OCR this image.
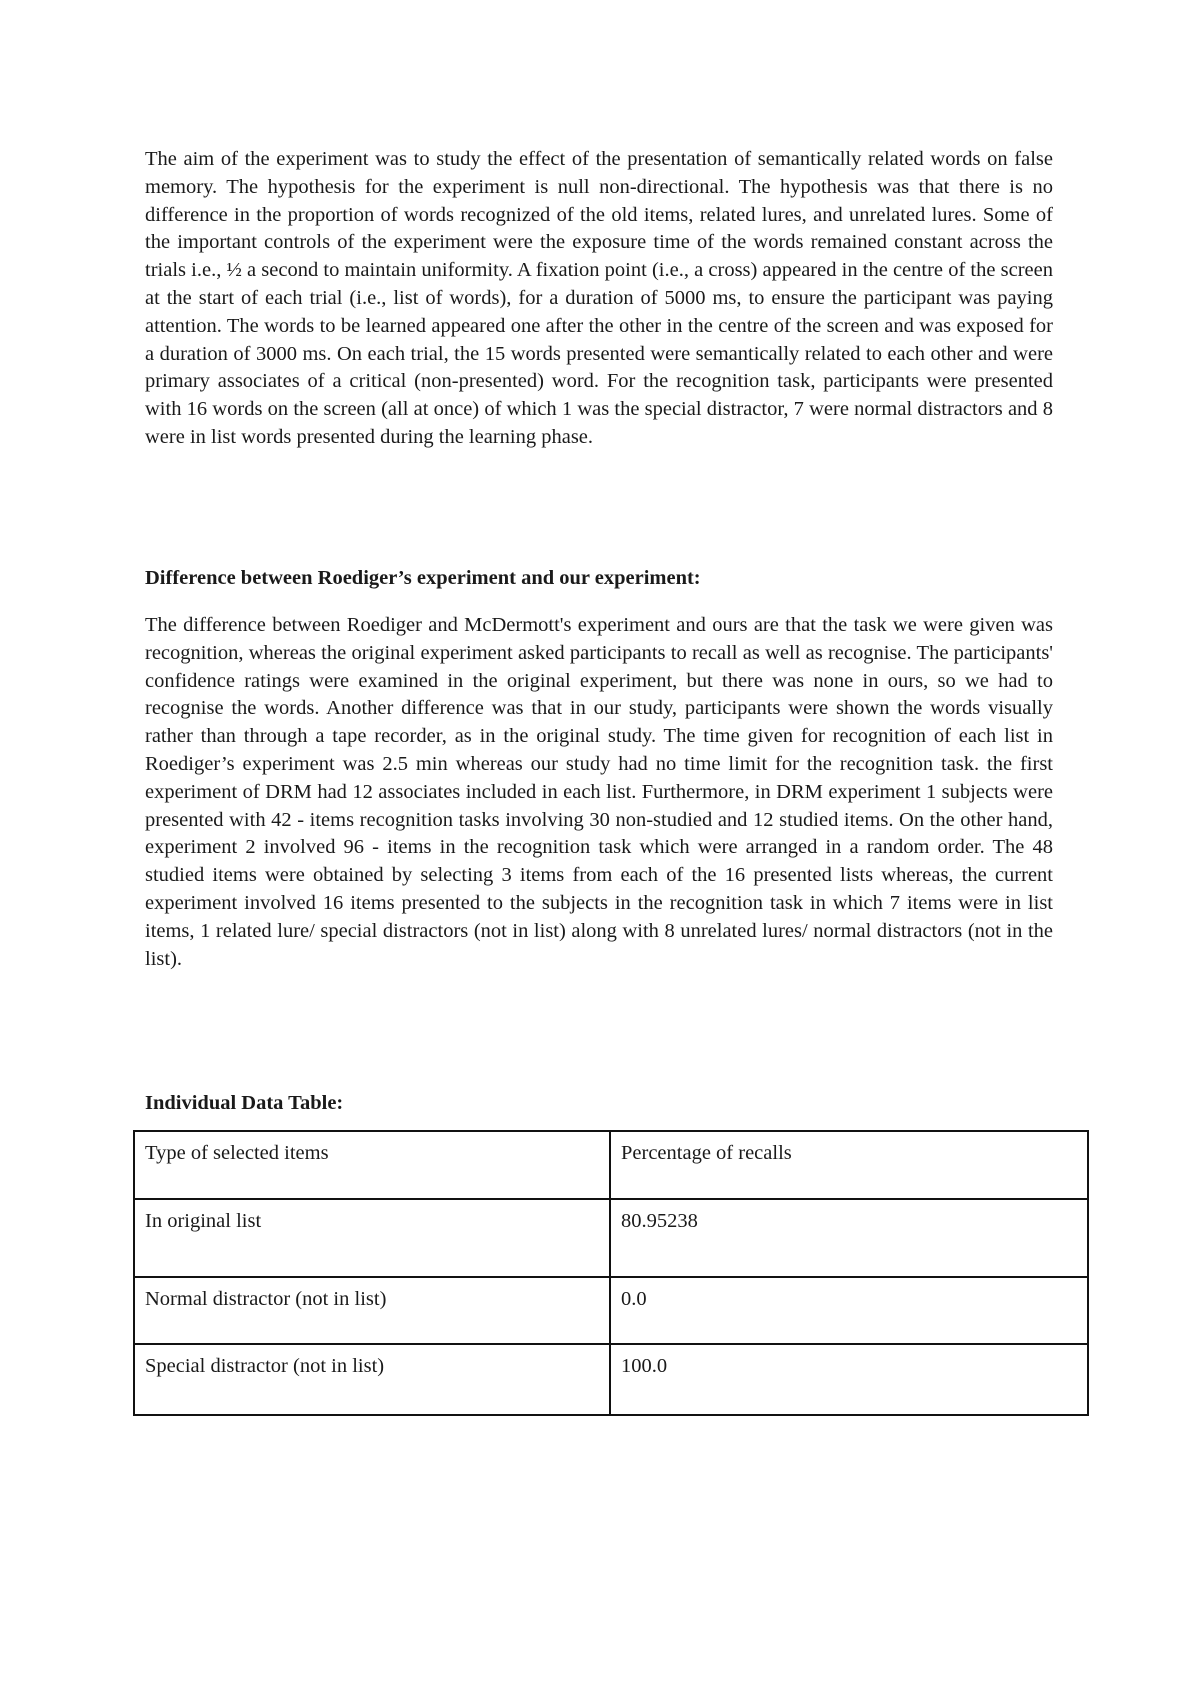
The aim of the experiment was to study the effect of the presentation of semantically related words on false memory. The hypothesis for the experiment is null non-directional. The hypothesis was that there is no difference in the proportion of words recognized of the old items, related lures, and unrelated lures. Some of the important controls of the experiment were the exposure time of the words remained constant across the trials i.e., ½ a second to maintain uniformity. A fixation point (i.e., a cross) appeared in the centre of the screen at the start of each trial (i.e., list of words), for a duration of 5000 ms, to ensure the participant was paying attention. The words to be learned appeared one after the other in the centre of the screen and was exposed for a duration of 3000 ms. On each trial, the 15 words presented were semantically related to each other and were primary associates of a critical (non-presented) word. For the recognition task, participants were presented with 16 words on the screen (all at once) of which 1 was the special distractor, 7 were normal distractors and 8 were in list words presented during the learning phase.

Difference between Roediger’s experiment and our experiment:

The difference between Roediger and McDermott's experiment and ours are that the task we were given was recognition, whereas the original experiment asked participants to recall as well as recognise. The participants' confidence ratings were examined in the original experiment, but there was none in ours, so we had to recognise the words. Another difference was that in our study, participants were shown the words visually rather than through a tape recorder, as in the original study. The time given for recognition of each list in Roediger’s experiment was 2.5 min whereas our study had no time limit for the recognition task. the first experiment of DRM had 12 associates included in each list. Furthermore, in DRM experiment 1 subjects were presented with 42 - items recognition tasks involving 30 non-studied and 12 studied items. On the other hand, experiment 2 involved 96 - items in the recognition task which were arranged in a random order. The 48 studied items were obtained by selecting 3 items from each of the 16 presented lists whereas, the current experiment involved 16 items presented to the subjects in the recognition task in which 7 items were in list items, 1 related lure/ special distractors (not in list) along with 8 unrelated lures/ normal distractors (not in the list).

Individual Data Table:
Type of selected items	Percentage of recalls
In original list	80.95238
Normal distractor (not in list)	0.0
Special distractor (not in list)	100.0
